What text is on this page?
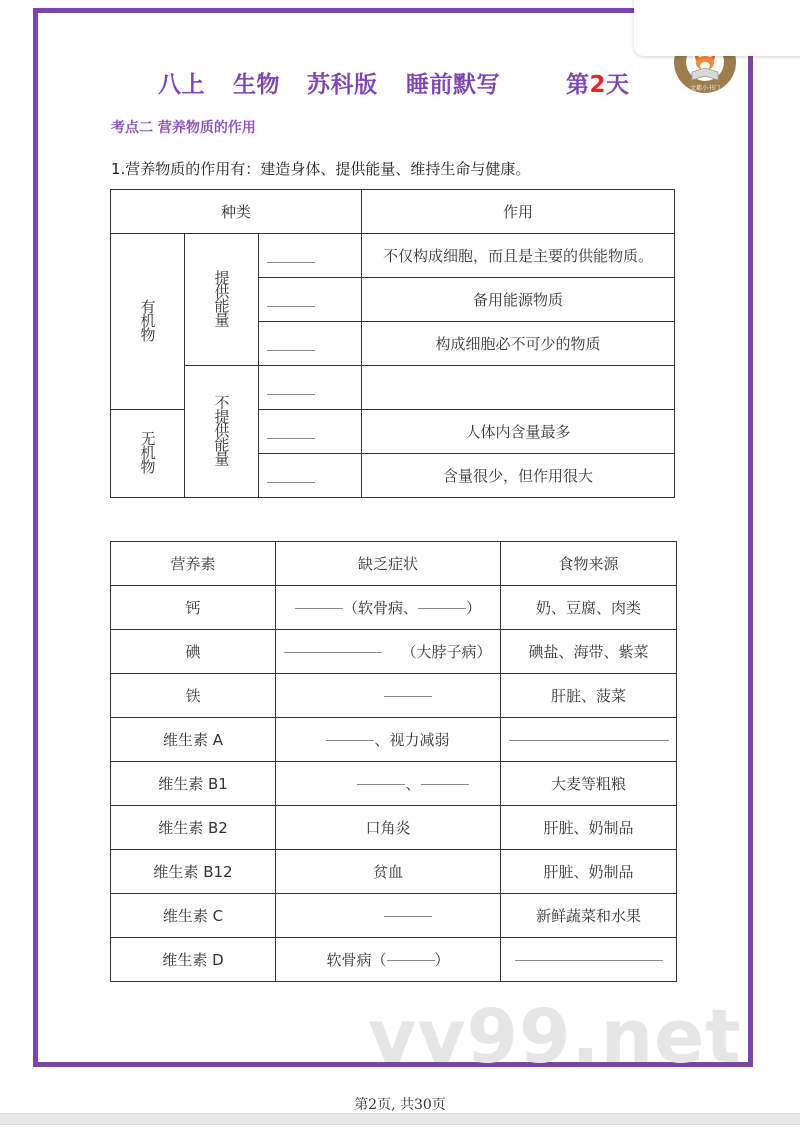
文都小书门
八上 生物 苏科版 睡前默写	第2天
考点二 营养物质的作用
1.营养物质的作用有：建造身体、提供能量、维持生命与健康。
种类			作用
有机物	提供能量		不仅构成细胞，而且是主要的供能物质。
			备用能源物质
			构成细胞必不可少的物质
	不提供能量		
无机物			人体内含量最多
			含量很少，但作用很大
营养素	缺乏症状	食物来源
钙	（软骨病、 ）	奶、豆腐、肉类
碘	（大脖子病）	碘盐、海带、紫菜
铁		肝脏、菠菜
维生素 A	、视力减弱	
维生素 B1	、	大麦等粗粮
维生素 B2	口角炎	肝脏、奶制品
维生素 B12	贫血	肝脏、奶制品
维生素 C		新鲜蔬菜和水果
维生素 D	软骨病（ ）	
vv99.net
第2页, 共30页
